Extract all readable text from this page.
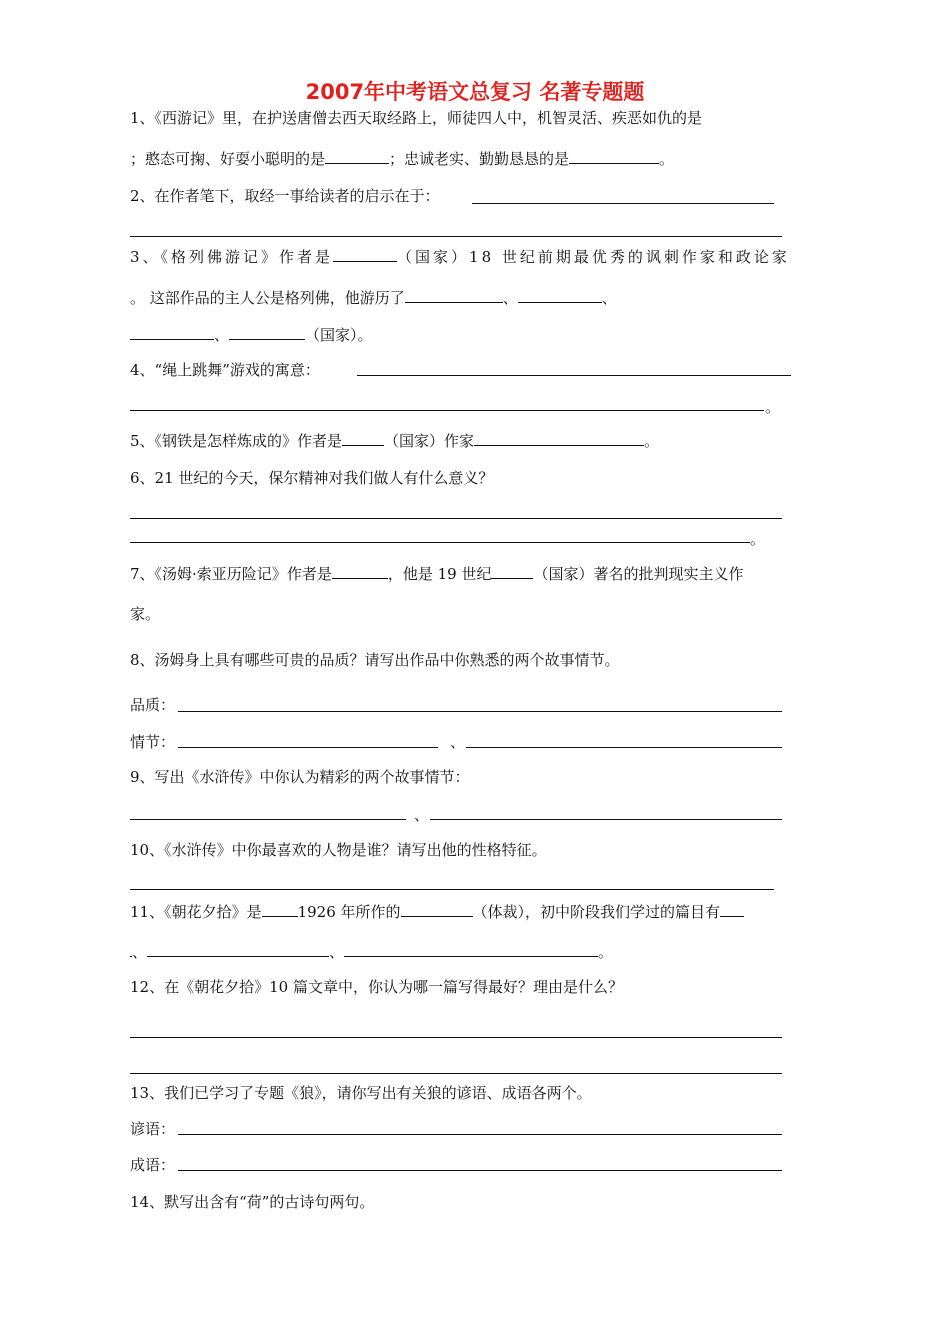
2007年中考语文总复习 名著专题题
1、《西游记》里，在护送唐僧去西天取经路上，师徒四人中，机智灵活、疾恶如仇的是
；憨态可掬、好耍小聪明的是	；忠诚老实、勤勤恳恳的是	。
2、在作者笔下，取经一事给读者的启示在于：
3、《格列佛游记》作者是	（国家）18 世纪前期最优秀的讽刺作家和政论家
。 这部作品的主人公是格列佛，他游历了	、	、
、	（国家）。
4、“绳上跳舞”游戏的寓意：
。
5、《钢铁是怎样炼成的》作者是	（国家）作家	。
6、21 世纪的今天，保尔精神对我们做人有什么意义？
。
7、《汤姆·索亚历险记》作者是	，他是 19 世纪	（国家）著名的批判现实主义作
家。
8、汤姆身上具有哪些可贵的品质？请写出作品中你熟悉的两个故事情节。
品质：
情节：	、
9、写出《水浒传》中你认为精彩的两个故事情节：
、
10、《水浒传》中你最喜欢的人物是谁？请写出他的性格特征。
11、《朝花夕拾》是 1926 年所作的	（体裁），初中阶段我们学过的篇目有
、	、	。
12、在《朝花夕拾》10 篇文章中，你认为哪一篇写得最好？理由是什么？
13、我们已学习了专题《狼》，请你写出有关狼的谚语、成语各两个。
谚语：
成语：
14、默写出含有“荷”的古诗句两句。
